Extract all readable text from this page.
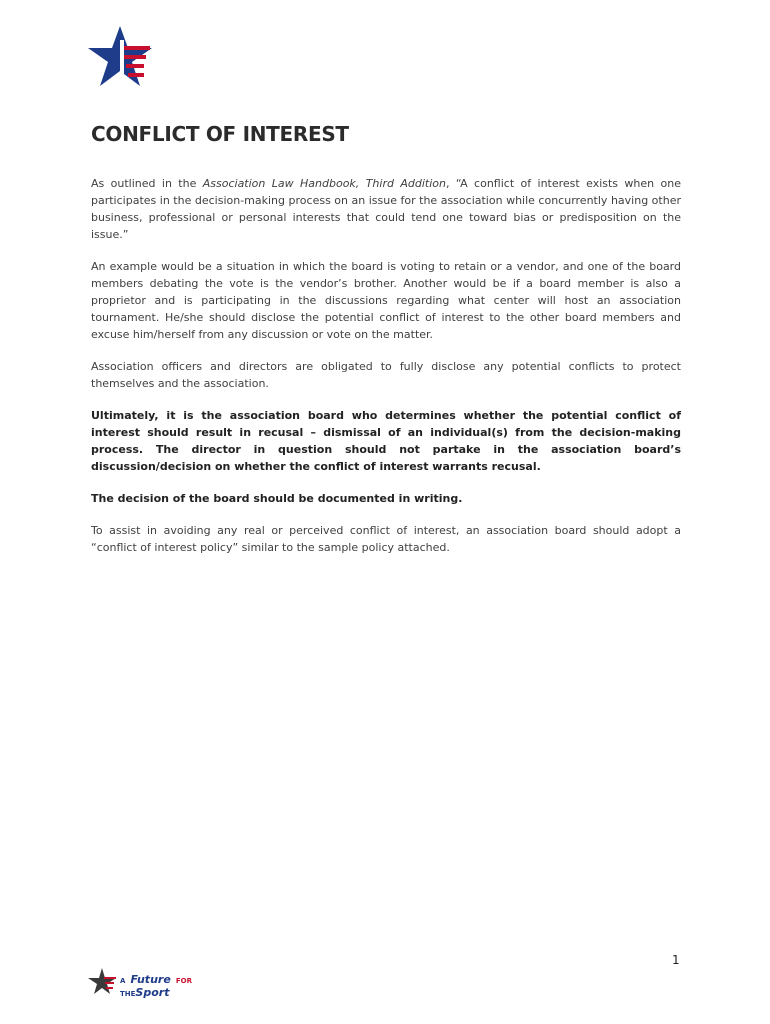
CONFLICT OF INTEREST

As outlined in the Association Law Handbook, Third Addition, “A conflict of interest exists when one participates in the decision-making process on an issue for the association while concurrently having other business, professional or personal interests that could tend one toward bias or predisposition on the issue.”

An example would be a situation in which the board is voting to retain or a vendor, and one of the board members debating the vote is the vendor’s brother. Another would be if a board member is also a proprietor and is participating in the discussions regarding what center will host an association tournament. He/she should disclose the potential conflict of interest to the other board members and excuse him/herself from any discussion or vote on the matter.

Association officers and directors are obligated to fully disclose any potential conflicts to protect themselves and the association.

Ultimately, it is the association board who determines whether the potential conflict of interest should result in recusal – dismissal of an individual(s) from the decision-making process. The director in question should not partake in the association board’s discussion/decision on whether the conflict of interest warrants recusal.

The decision of the board should be documented in writing.

To assist in avoiding any real or perceived conflict of interest, an association board should adopt a “conflict of interest policy” similar to the sample policy attached.

1
A Future FOR
THESport
